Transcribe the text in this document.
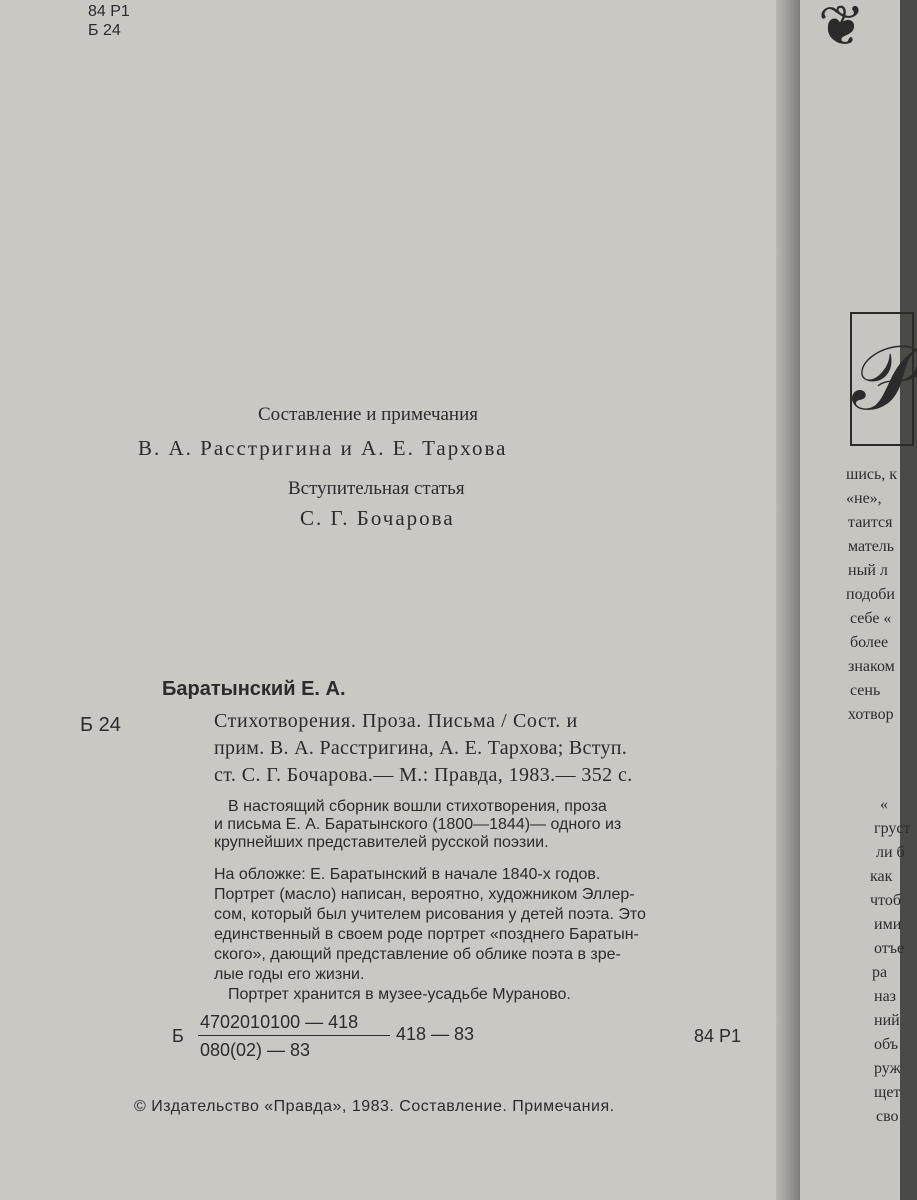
84 Р1
Б 24
Составление и примечания
В. А. Расстригина и А. Е. Тархова
Вступительная статья
С. Г. Бочарова
Баратынский Е. А.
Б 24	Стихотворения. Проза. Письма / Сост. и
прим. В. А. Расстригина, А. Е. Тархова; Вступ.
ст. С. Г. Бочарова.— М.: Правда, 1983.— 352 с.
В настоящий сборник вошли стихотворения, проза
и письма Е. А. Баратынского (1800—1844)— одного из
крупнейших представителей русской поэзии.
На обложке: Е. Баратынский в начале 1840-х годов.
Портрет (масло) написан, вероятно, художником Эллер-
сом, который был учителем рисования у детей поэта. Это
единственный в своем роде портрет «позднего Баратын-
ского», дающий представление об облике поэта в зре-
лые годы его жизни.
Портрет хранится в музее-усадьбе Мураново.
Б
4702010100 — 418
080(02) — 83
418 — 83	84 Р1
© Издательство «Правда», 1983. Составление. Примечания.
❦
𝒫
шись, к
«не»,
таится
матель
ный л
подоби
себе «
более
знаком
сень
хотвор
«
груст
ли б
как
чтоб
ими
отъе
ра
наз
ний
объ
руж
щет
сво
